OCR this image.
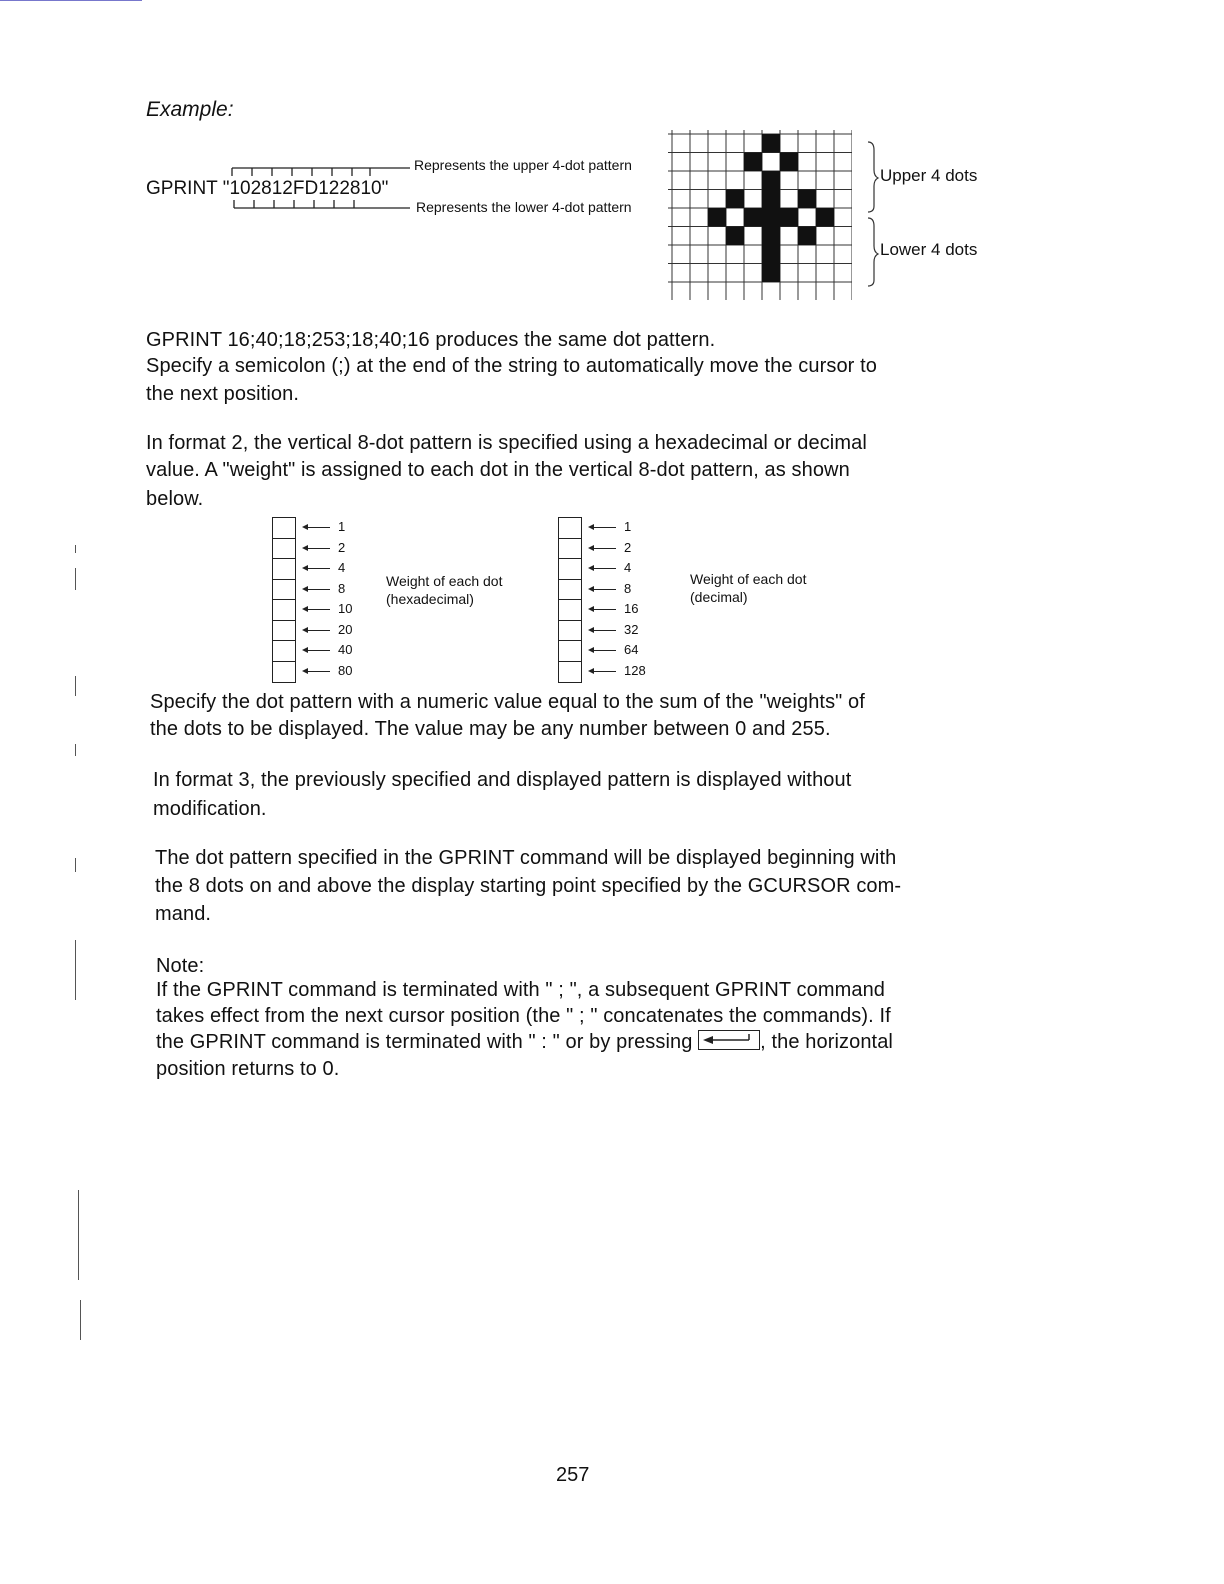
Example:
GPRINT "102812FD122810"
Represents the upper 4-dot pattern
Represents the lower 4-dot pattern
Upper 4 dots
Lower 4 dots
GPRINT 16;40;18;253;18;40;16 produces the same dot pattern.
Specify a semicolon (;) at the end of the string to automatically move the cursor to
the next position.
In format 2, the vertical 8-dot pattern is specified using a hexadecimal or decimal
value. A "weight" is assigned to each dot in the vertical 8-dot pattern, as shown
below.
1
2
4
8
10
20
40
80
Weight of each dot
(hexadecimal)
1
2
4
8
16
32
64
128
Weight of each dot
(decimal)
Specify the dot pattern with a numeric value equal to the sum of the "weights" of
the dots to be displayed. The value may be any number between 0 and 255.
In format 3, the previously specified and displayed pattern is displayed without
modification.
The dot pattern specified in the GPRINT command will be displayed beginning with
the 8 dots on and above the display starting point specified by the GCURSOR com-
mand.
Note:
If the GPRINT command is terminated with " ; ", a subsequent GPRINT command
takes effect from the next cursor position (the " ; " concatenates the commands). If
the GPRINT command is terminated with " : " or by pressing	, the horizontal
position returns to 0.
257
